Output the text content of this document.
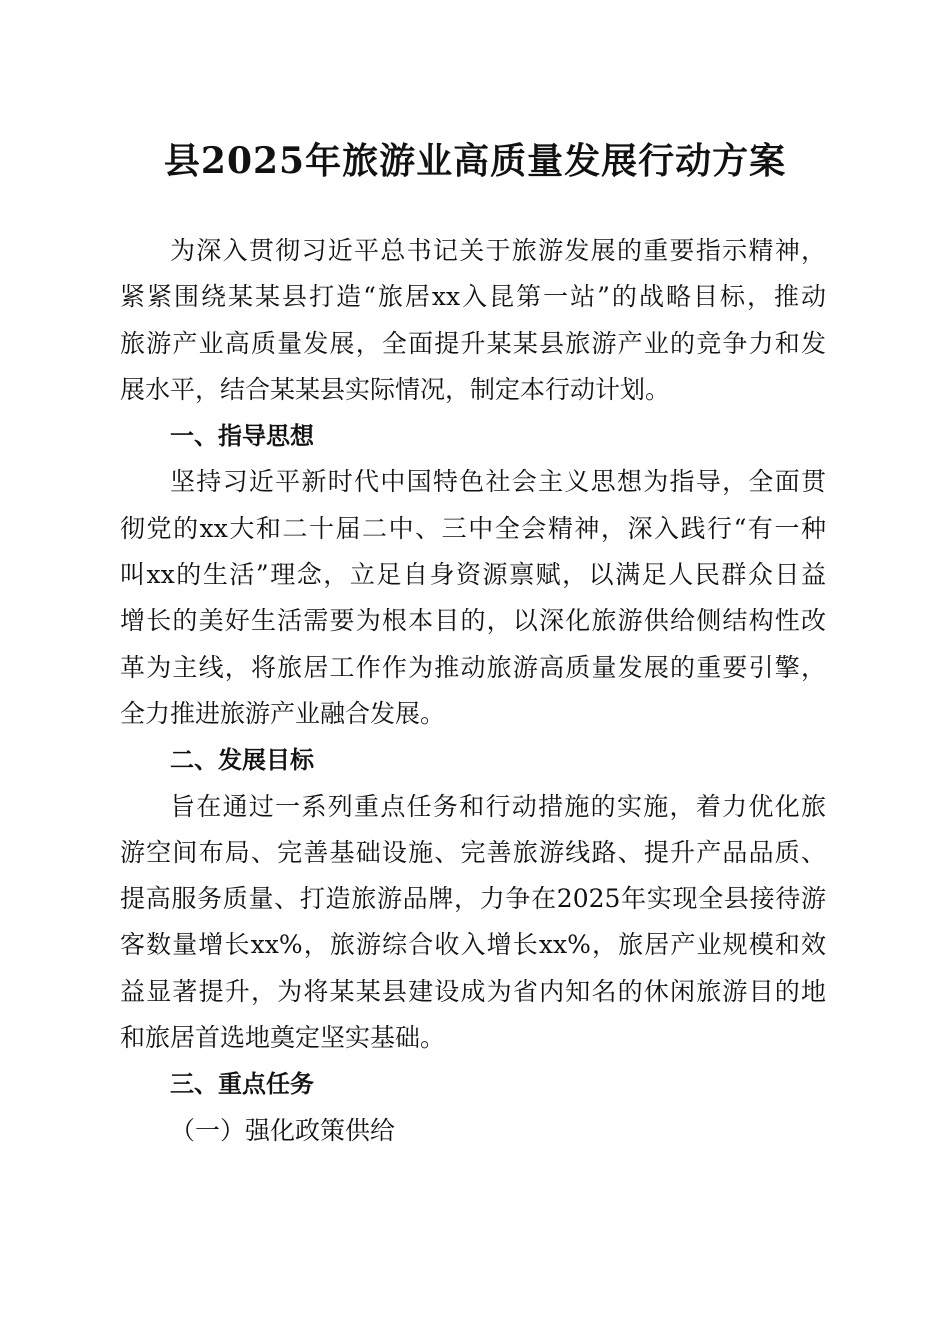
县2025年旅游业高质量发展行动方案
为深入贯彻习近平总书记关于旅游发展的重要指示精神，
紧紧围绕某某县打造“旅居xx入昆第一站”的战略目标，推动
旅游产业高质量发展，全面提升某某县旅游产业的竞争力和发
展水平，结合某某县实际情况，制定本行动计划。
一、指导思想
坚持习近平新时代中国特色社会主义思想为指导，全面贯
彻党的xx大和二十届二中、三中全会精神，深入践行“有一种
叫xx的生活”理念，立足自身资源禀赋，以满足人民群众日益
增长的美好生活需要为根本目的，以深化旅游供给侧结构性改
革为主线，将旅居工作作为推动旅游高质量发展的重要引擎，
全力推进旅游产业融合发展。
二、发展目标
旨在通过一系列重点任务和行动措施的实施，着力优化旅
游空间布局、完善基础设施、完善旅游线路、提升产品品质、
提高服务质量、打造旅游品牌，力争在2025年实现全县接待游
客数量增长xx%，旅游综合收入增长xx%，旅居产业规模和效
益显著提升，为将某某县建设成为省内知名的休闲旅游目的地
和旅居首选地奠定坚实基础。
三、重点任务
（一）强化政策供给
